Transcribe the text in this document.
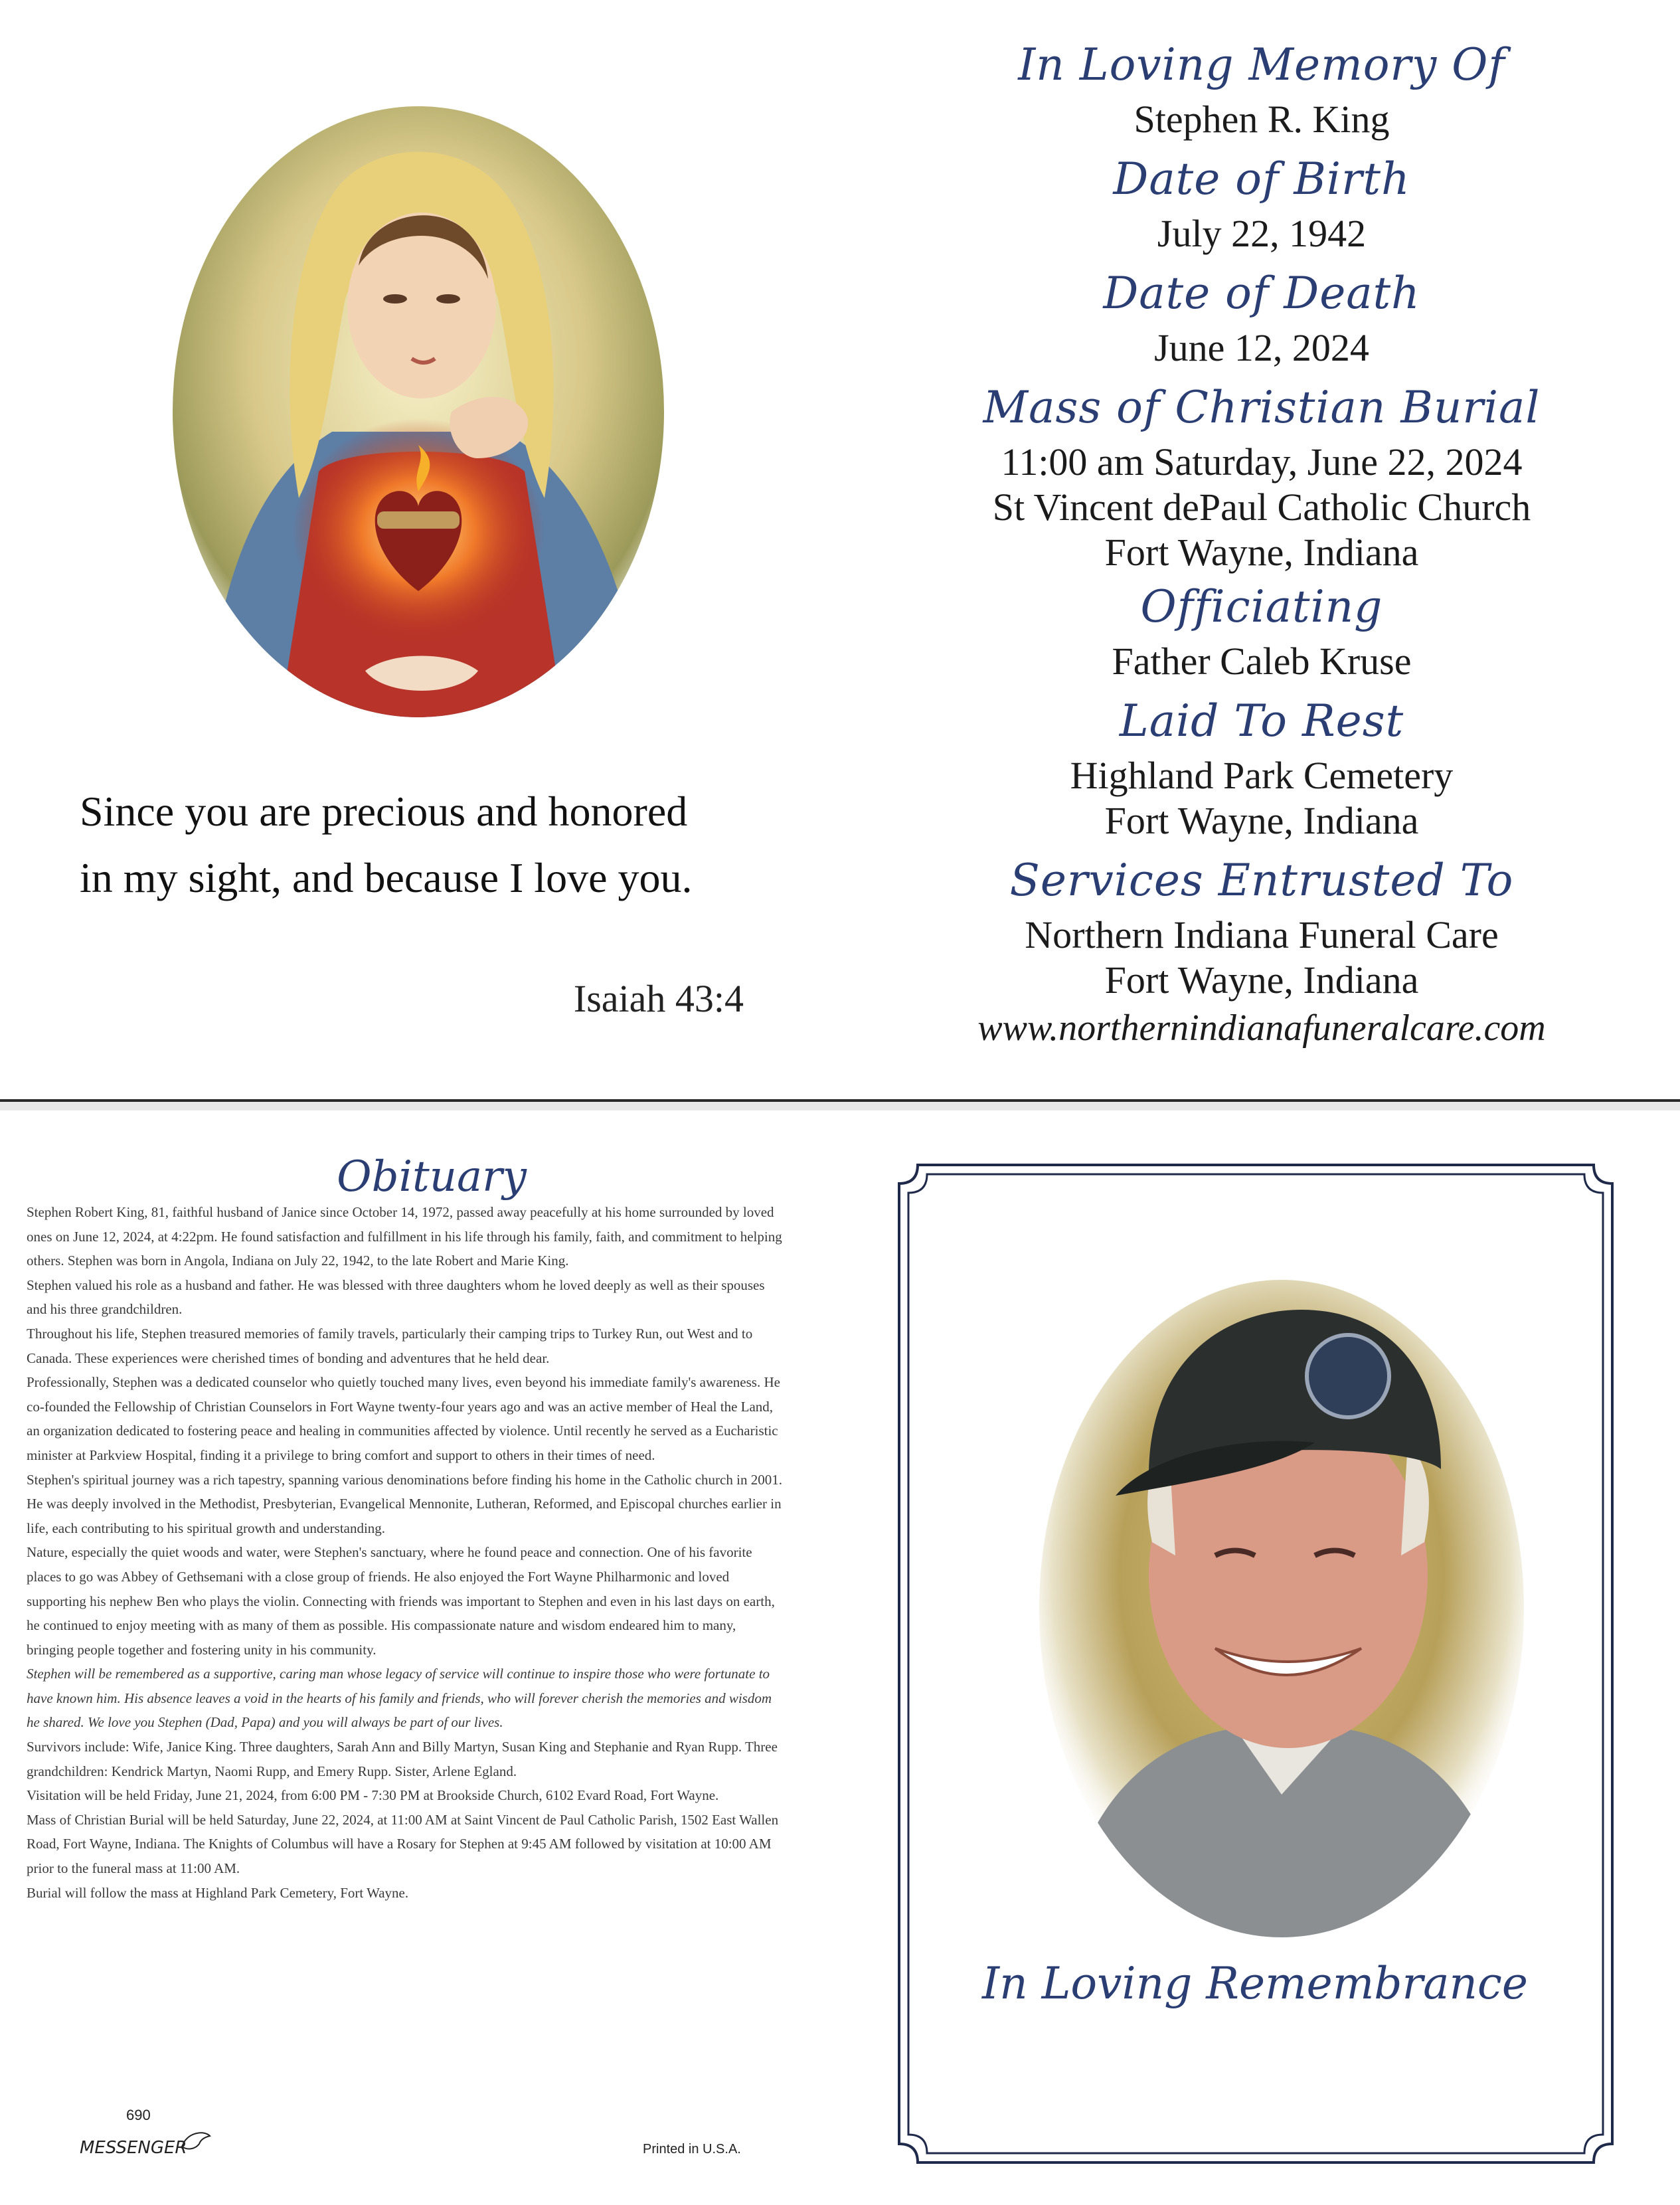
Since you are precious and honored
in my sight, and because I love you.
Isaiah 43:4
In Loving Memory Of
Stephen R. King
Date of Birth
July 22, 1942
Date of Death
June 12, 2024
Mass of Christian Burial
11:00 am Saturday, June 22, 2024
St Vincent dePaul Catholic Church
Fort Wayne, Indiana
Officiating
Father Caleb Kruse
Laid To Rest
Highland Park Cemetery
Fort Wayne, Indiana
Services Entrusted To
Northern Indiana Funeral Care
Fort Wayne, Indiana
www.northernindianafuneralcare.com
Obituary

Stephen Robert King, 81, faithful husband of Janice since October 14, 1972, passed away peacefully at his home surrounded by loved ones on June 12, 2024, at 4:22pm. He found satisfaction and fulfillment in his life through his family, faith, and commitment to helping others. Stephen was born in Angola, Indiana on July 22, 1942, to the late Robert and Marie King.

Stephen valued his role as a husband and father. He was blessed with three daughters whom he loved deeply as well as their spouses and his three grandchildren.

Throughout his life, Stephen treasured memories of family travels, particularly their camping trips to Turkey Run, out West and to Canada. These experiences were cherished times of bonding and adventures that he held dear.

Professionally, Stephen was a dedicated counselor who quietly touched many lives, even beyond his immediate family's awareness. He co-founded the Fellowship of Christian Counselors in Fort Wayne twenty-four years ago and was an active member of Heal the Land, an organization dedicated to fostering peace and healing in communities affected by violence. Until recently he served as a Eucharistic minister at Parkview Hospital, finding it a privilege to bring comfort and support to others in their times of need.

Stephen's spiritual journey was a rich tapestry, spanning various denominations before finding his home in the Catholic church in 2001. He was deeply involved in the Methodist, Presbyterian, Evangelical Mennonite, Lutheran, Reformed, and Episcopal churches earlier in life, each contributing to his spiritual growth and understanding.

Nature, especially the quiet woods and water, were Stephen's sanctuary, where he found peace and connection. One of his favorite places to go was Abbey of Gethsemani with a close group of friends. He also enjoyed the Fort Wayne Philharmonic and loved supporting his nephew Ben who plays the violin. Connecting with friends was important to Stephen and even in his last days on earth, he continued to enjoy meeting with as many of them as possible. His compassionate nature and wisdom endeared him to many, bringing people together and fostering unity in his community.

Stephen will be remembered as a supportive, caring man whose legacy of service will continue to inspire those who were fortunate to have known him. His absence leaves a void in the hearts of his family and friends, who will forever cherish the memories and wisdom he shared. We love you Stephen (Dad, Papa) and you will always be part of our lives.

Survivors include: Wife, Janice King. Three daughters, Sarah Ann and Billy Martyn, Susan King and Stephanie and Ryan Rupp. Three grandchildren: Kendrick Martyn, Naomi Rupp, and Emery Rupp. Sister, Arlene Egland.

Visitation will be held Friday, June 21, 2024, from 6:00 PM - 7:30 PM at Brookside Church, 6102 Evard Road, Fort Wayne.

Mass of Christian Burial will be held Saturday, June 22, 2024, at 11:00 AM at Saint Vincent de Paul Catholic Parish, 1502 East Wallen Road, Fort Wayne, Indiana. The Knights of Columbus will have a Rosary for Stephen at 9:45 AM followed by visitation at 10:00 AM prior to the funeral mass at 11:00 AM.

Burial will follow the mass at Highland Park Cemetery, Fort Wayne.

690
MESSENGER	Printed in U.S.A.
In Loving Remembrance
